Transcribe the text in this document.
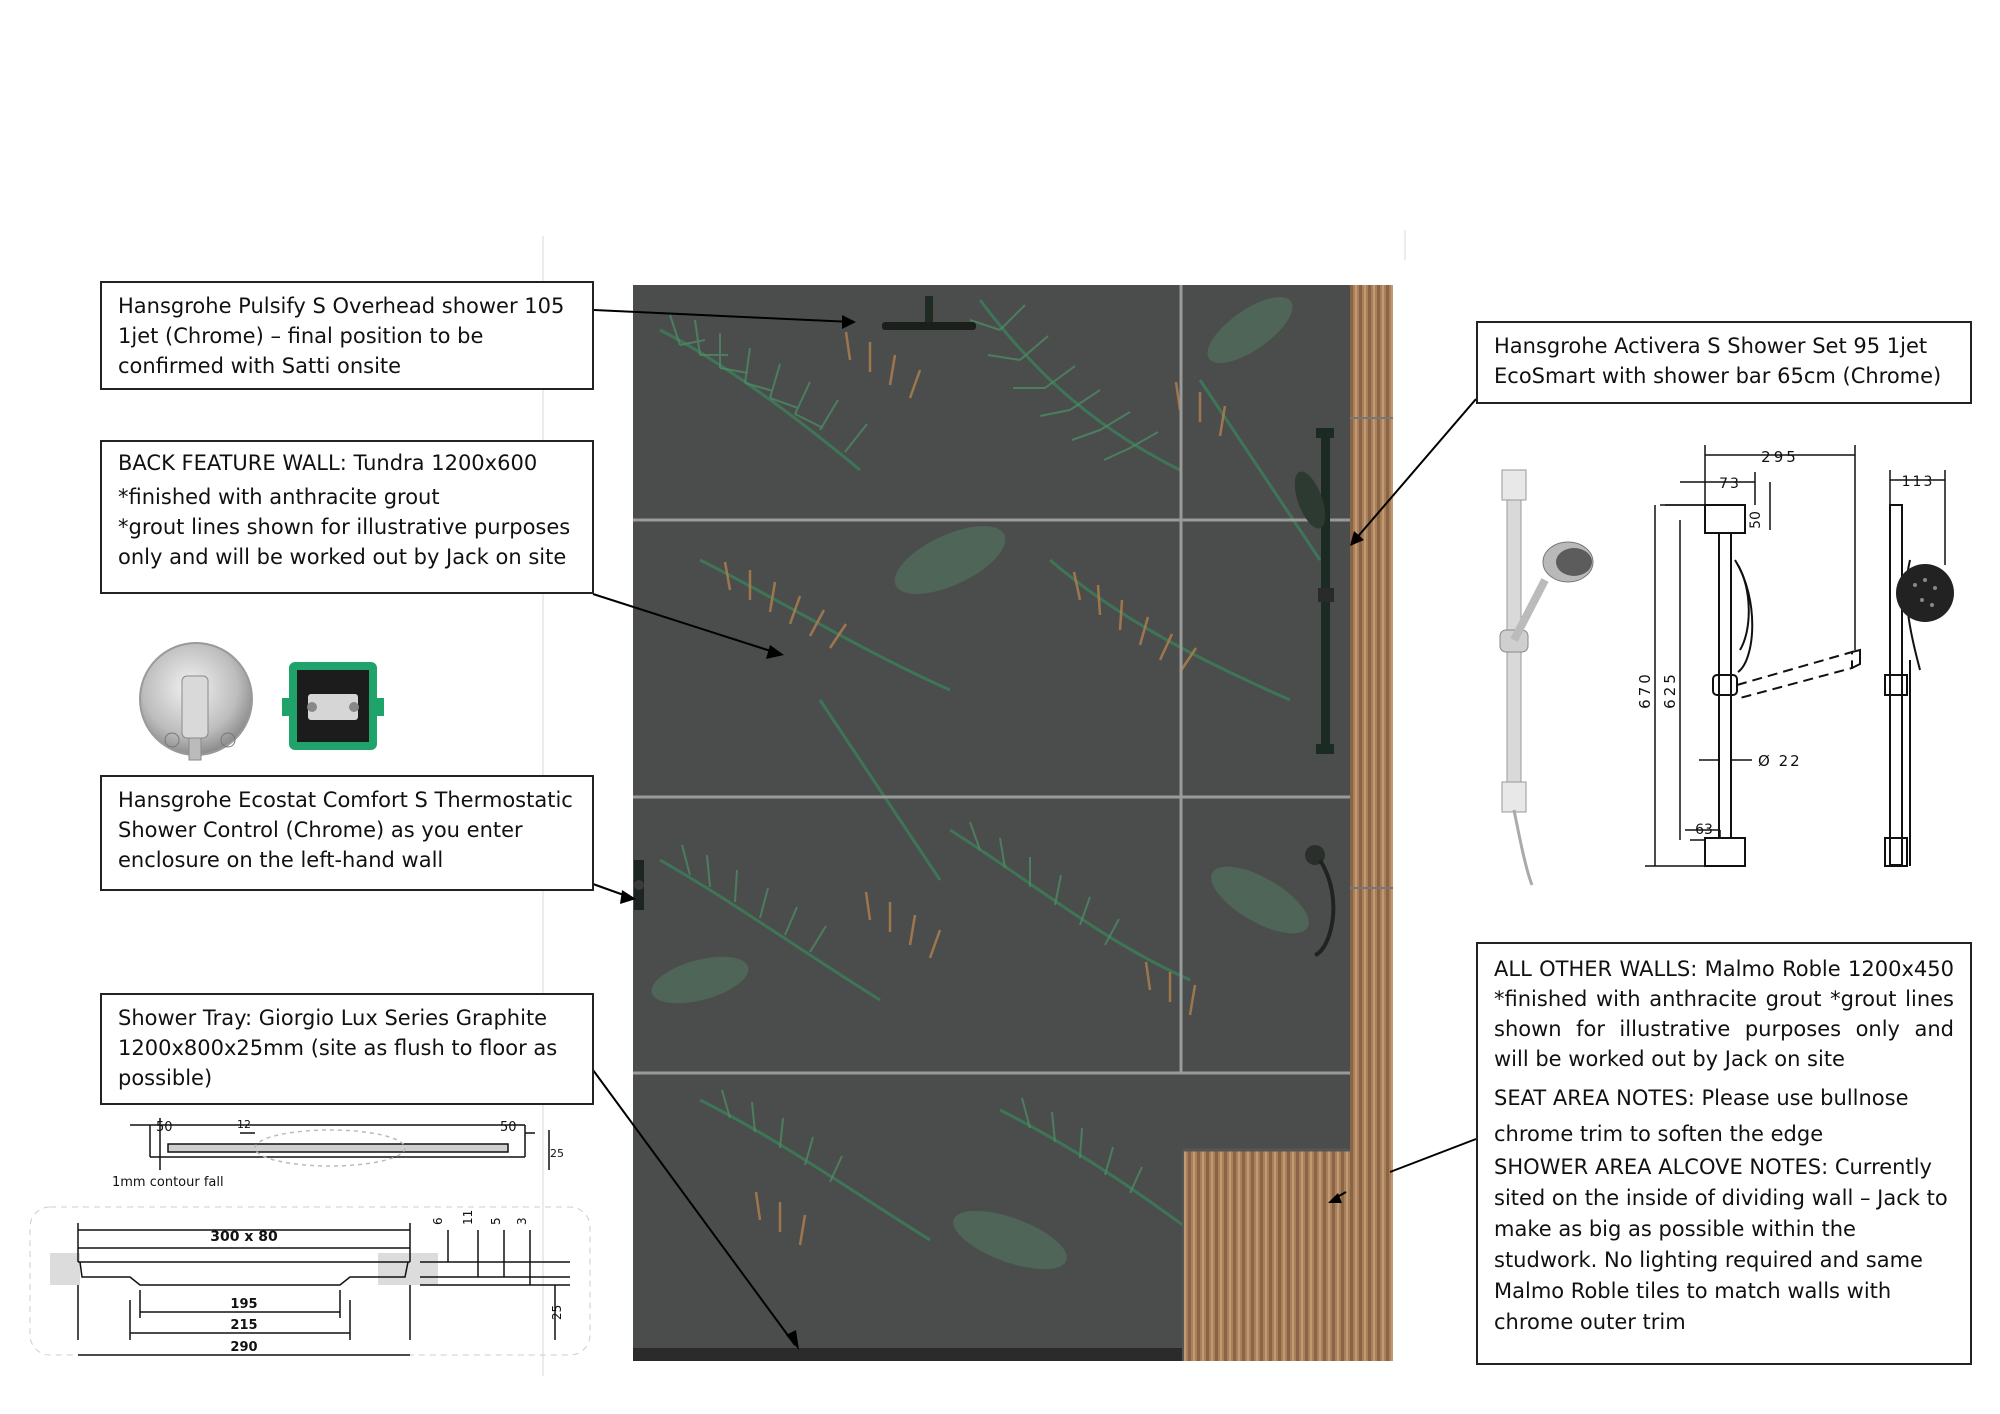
Hansgrohe Pulsify S Overhead shower 105 1jet (Chrome) – final position to be confirmed with Satti onsite

BACK FEATURE WALL: Tundra 1200x600

*finished with anthracite grout

*grout lines shown for illustrative purposes only and will be worked out by Jack on site

Hansgrohe Ecostat Comfort S Thermostatic Shower Control (Chrome) as you enter enclosure on the left-hand wall

Shower Tray: Giorgio Lux Series Graphite 1200x800x25mm (site as flush to floor as possible)

Hansgrohe Activera S Shower Set 95 1jet EcoSmart with shower bar 65cm (Chrome)

ALL OTHER WALLS: Malmo Roble 1200x450 *finished with anthracite grout *grout lines shown for illustrative purposes only and will be worked out by Jack on site

SEAT AREA NOTES: Please use bullnose chrome trim to soften the edge

SHOWER AREA ALCOVE NOTES: Currently sited on the inside of dividing wall – Jack to make as big as possible within the studwork. No lighting required and same Malmo Roble tiles to match walls with chrome outer trim

295
73
50
670 625
Ø 22
63
113
50	12	50
25
1mm contour fall
300 x 80
6 11 5 3
195
215
290
25
